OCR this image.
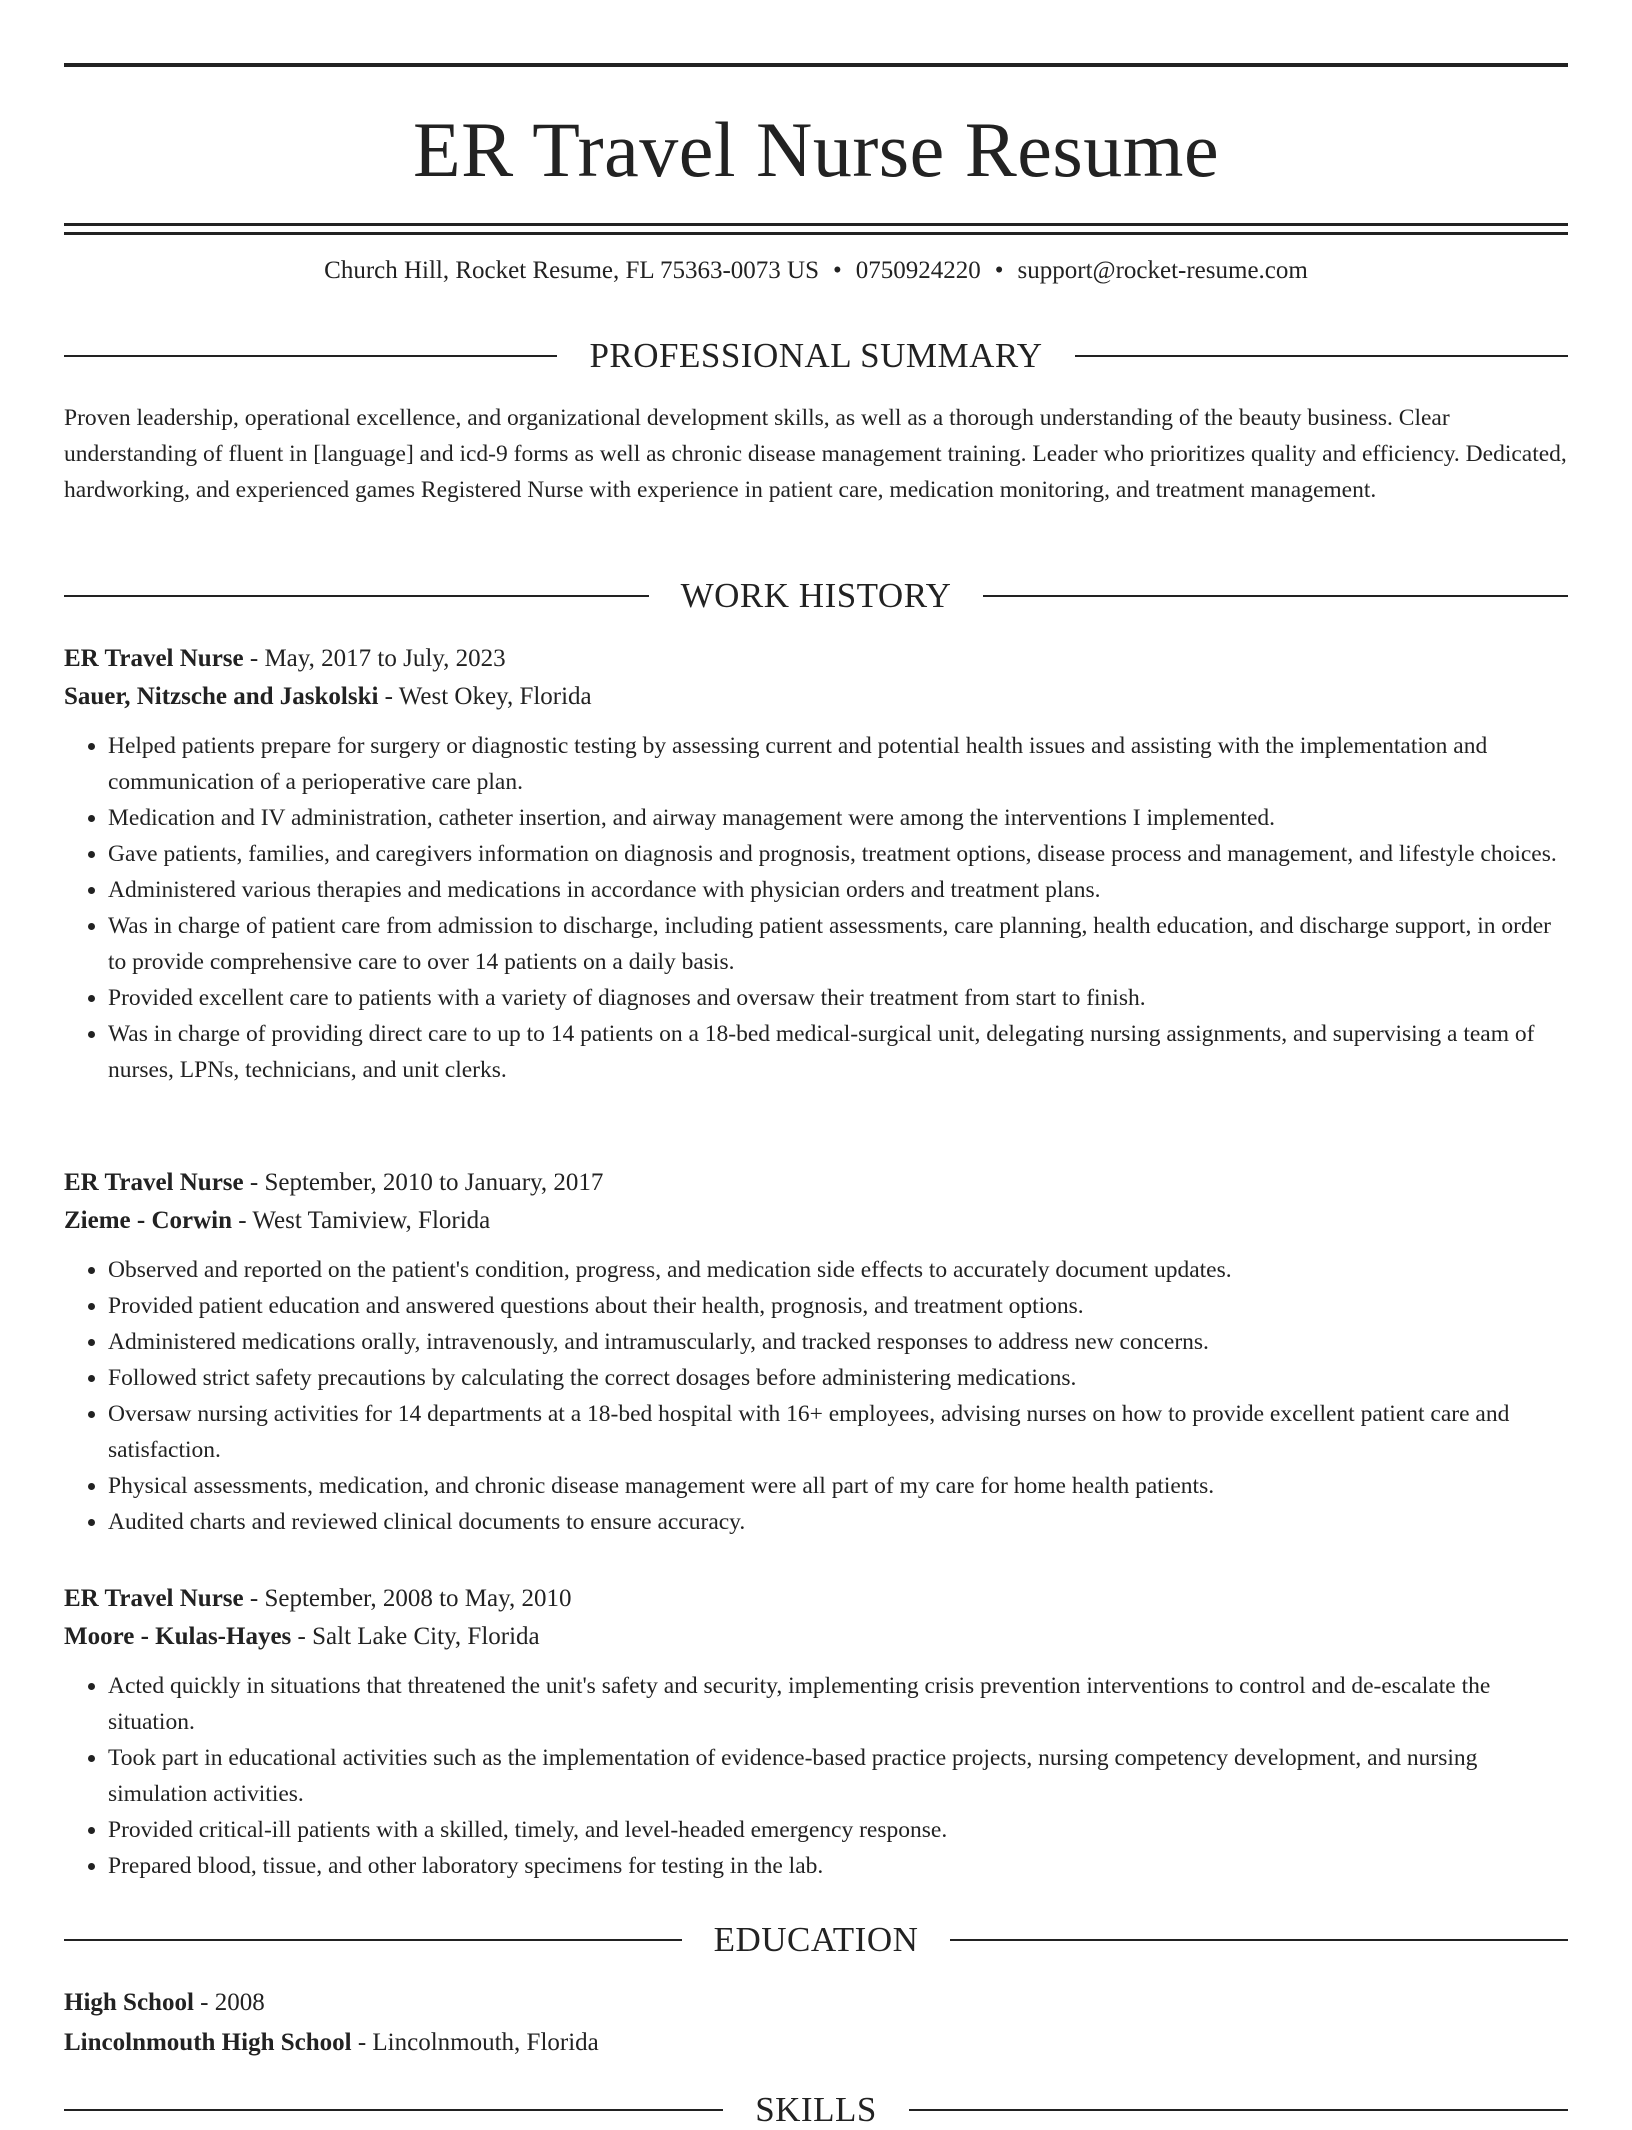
ER Travel Nurse Resume
Church Hill, Rocket Resume, FL 75363-0073 US • 0750924220 • support@rocket-resume.com
PROFESSIONAL SUMMARY

Proven leadership, operational excellence, and organizational development skills, as well as a thorough understanding of the beauty business. Clear understanding of fluent in [language] and icd-9 forms as well as chronic disease management training. Leader who prioritizes quality and efficiency. Dedicated, hardworking, and experienced games Registered Nurse with experience in patient care, medication monitoring, and treatment management.

WORK HISTORY
ER Travel Nurse - May, 2017 to July, 2023
Sauer, Nitzsche and Jaskolski - West Okey, Florida
• Helped patients prepare for surgery or diagnostic testing by assessing current and potential health issues and assisting with the implementation and communication of a perioperative care plan.
• Medication and IV administration, catheter insertion, and airway management were among the interventions I implemented.
• Gave patients, families, and caregivers information on diagnosis and prognosis, treatment options, disease process and management, and lifestyle choices.
• Administered various therapies and medications in accordance with physician orders and treatment plans.
• Was in charge of patient care from admission to discharge, including patient assessments, care planning, health education, and discharge support, in order to provide comprehensive care to over 14 patients on a daily basis.
• Provided excellent care to patients with a variety of diagnoses and oversaw their treatment from start to finish.
• Was in charge of providing direct care to up to 14 patients on a 18-bed medical-surgical unit, delegating nursing assignments, and supervising a team of nurses, LPNs, technicians, and unit clerks.
ER Travel Nurse - September, 2010 to January, 2017
Zieme - Corwin - West Tamiview, Florida
• Observed and reported on the patient's condition, progress, and medication side effects to accurately document updates.
• Provided patient education and answered questions about their health, prognosis, and treatment options.
• Administered medications orally, intravenously, and intramuscularly, and tracked responses to address new concerns.
• Followed strict safety precautions by calculating the correct dosages before administering medications.
• Oversaw nursing activities for 14 departments at a 18-bed hospital with 16+ employees, advising nurses on how to provide excellent patient care and satisfaction.
• Physical assessments, medication, and chronic disease management were all part of my care for home health patients.
• Audited charts and reviewed clinical documents to ensure accuracy.
ER Travel Nurse - September, 2008 to May, 2010
Moore - Kulas-Hayes - Salt Lake City, Florida
• Acted quickly in situations that threatened the unit's safety and security, implementing crisis prevention interventions to control and de-escalate the situation.
• Took part in educational activities such as the implementation of evidence-based practice projects, nursing competency development, and nursing simulation activities.
• Provided critical-ill patients with a skilled, timely, and level-headed emergency response.
• Prepared blood, tissue, and other laboratory specimens for testing in the lab.
EDUCATION
High School - 2008
Lincolnmouth High School - Lincolnmouth, Florida
SKILLS
